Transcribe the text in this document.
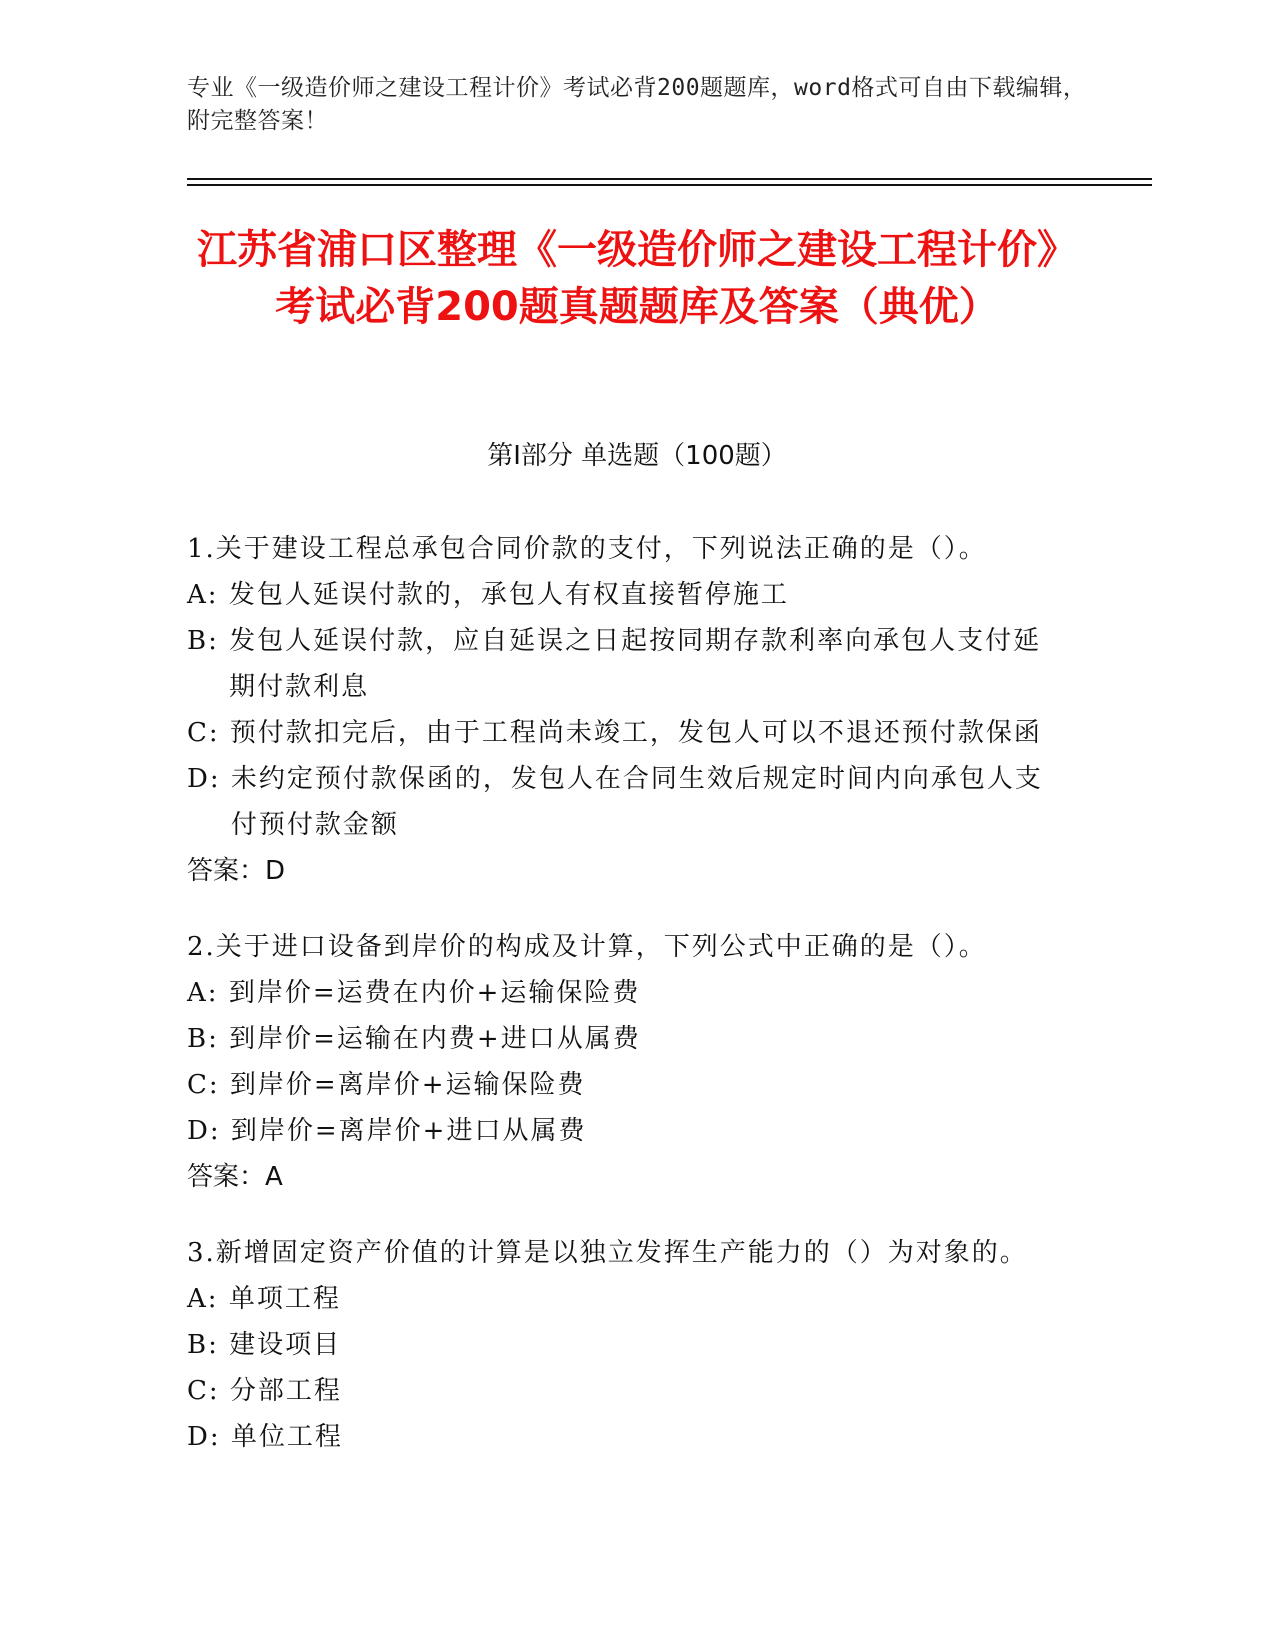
专业《一级造价师之建设工程计价》考试必背200题题库，word格式可自由下载编辑，附完整答案！
江苏省浦口区整理《一级造价师之建设工程计价》考试必背200题真题题库及答案（典优）
第Ⅰ部分 单选题（100题）
1.关于建设工程总承包合同价款的支付，下列说法正确的是（）。
A:
发包人延误付款的，承包人有权直接暂停施工
B:
发包人延误付款，应自延误之日起按同期存款利率向承包人支付延期付款利息
C:
预付款扣完后，由于工程尚未竣工，发包人可以不退还预付款保函
D:
未约定预付款保函的，发包人在合同生效后规定时间内向承包人支付预付款金额
答案：D
2.关于进口设备到岸价的构成及计算，下列公式中正确的是（）。
A:
到岸价=运费在内价+运输保险费
B:
到岸价=运输在内费+进口从属费
C:
到岸价=离岸价+运输保险费
D:
到岸价=离岸价+进口从属费
答案：A
3.新增固定资产价值的计算是以独立发挥生产能力的（）为对象的。
A:
单项工程
B:
建设项目
C:
分部工程
D:
单位工程
